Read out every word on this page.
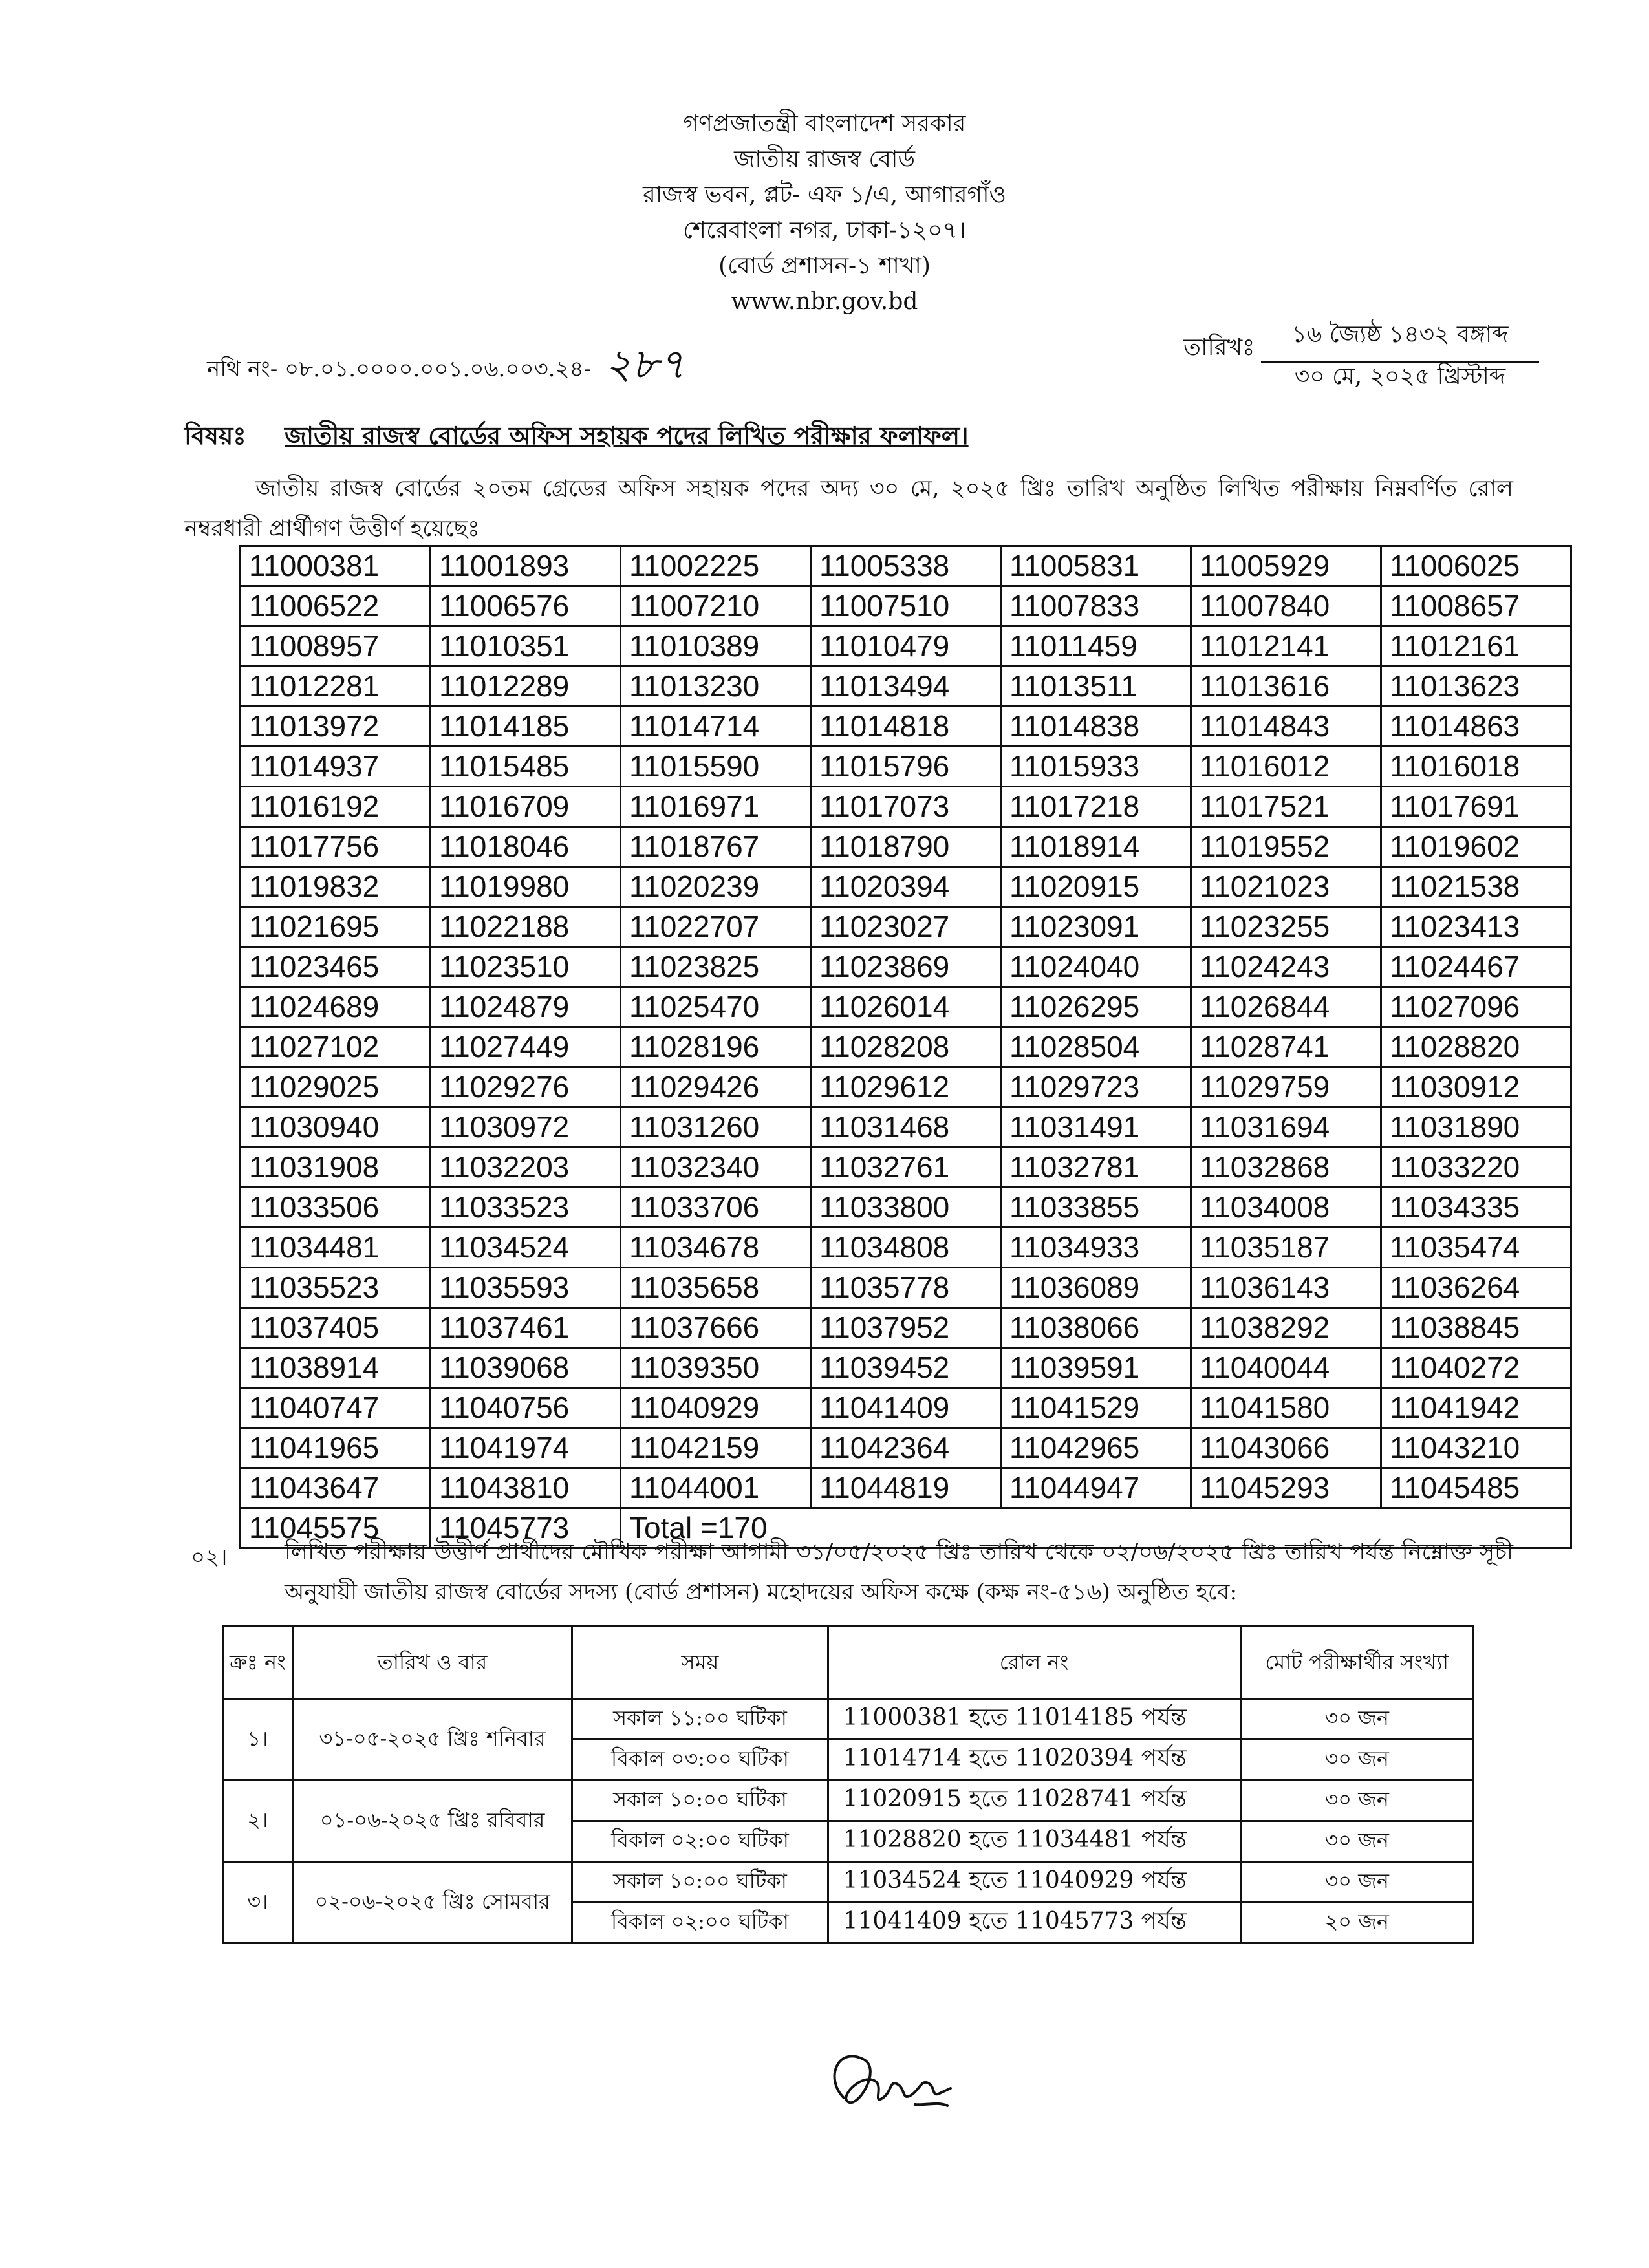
গণপ্রজাতন্ত্রী বাংলাদেশ সরকার
জাতীয় রাজস্ব বোর্ড
রাজস্ব ভবন, প্লট- এফ ১/এ, আগারগাঁও
শেরেবাংলা নগর, ঢাকা-১২০৭।
(বোর্ড প্রশাসন-১ শাখা)
www.nbr.gov.bd
নথি নং- ০৮.০১.০০০০.০০১.০৬.০০৩.২৪- ২৮৭	তারিখঃ	১৬ জ্যৈষ্ঠ ১৪৩২ বঙ্গাব্দ
৩০ মে, ২০২৫ খ্রিস্টাব্দ
বিষয়ঃ জাতীয় রাজস্ব বোর্ডের অফিস সহায়ক পদের লিখিত পরীক্ষার ফলাফল।
জাতীয় রাজস্ব বোর্ডের ২০তম গ্রেডের অফিস সহায়ক পদের অদ্য ৩০ মে, ২০২৫ খ্রিঃ তারিখ অনুষ্ঠিত লিখিত পরীক্ষায় নিম্নবর্ণিত রোল নম্বরধারী প্রার্থীগণ উত্তীর্ণ হয়েছেঃ
11000381	11001893	11002225	11005338	11005831	11005929	11006025
11006522	11006576	11007210	11007510	11007833	11007840	11008657
11008957	11010351	11010389	11010479	11011459	11012141	11012161
11012281	11012289	11013230	11013494	11013511	11013616	11013623
11013972	11014185	11014714	11014818	11014838	11014843	11014863
11014937	11015485	11015590	11015796	11015933	11016012	11016018
11016192	11016709	11016971	11017073	11017218	11017521	11017691
11017756	11018046	11018767	11018790	11018914	11019552	11019602
11019832	11019980	11020239	11020394	11020915	11021023	11021538
11021695	11022188	11022707	11023027	11023091	11023255	11023413
11023465	11023510	11023825	11023869	11024040	11024243	11024467
11024689	11024879	11025470	11026014	11026295	11026844	11027096
11027102	11027449	11028196	11028208	11028504	11028741	11028820
11029025	11029276	11029426	11029612	11029723	11029759	11030912
11030940	11030972	11031260	11031468	11031491	11031694	11031890
11031908	11032203	11032340	11032761	11032781	11032868	11033220
11033506	11033523	11033706	11033800	11033855	11034008	11034335
11034481	11034524	11034678	11034808	11034933	11035187	11035474
11035523	11035593	11035658	11035778	11036089	11036143	11036264
11037405	11037461	11037666	11037952	11038066	11038292	11038845
11038914	11039068	11039350	11039452	11039591	11040044	11040272
11040747	11040756	11040929	11041409	11041529	11041580	11041942
11041965	11041974	11042159	11042364	11042965	11043066	11043210
11043647	11043810	11044001	11044819	11044947	11045293	11045485
11045575	11045773	Total =170				
০২।	লিখিত পরীক্ষায় উত্তীর্ণ প্রার্থীদের মৌখিক পরীক্ষা আগামী ৩১/০৫/২০২৫ খ্রিঃ তারিখ থেকে ০২/০৬/২০২৫ খ্রিঃ তারিখ পর্যন্ত নিম্নোক্ত সূচী অনুযায়ী জাতীয় রাজস্ব বোর্ডের সদস্য (বোর্ড প্রশাসন) মহোদয়ের অফিস কক্ষে (কক্ষ নং-৫১৬) অনুষ্ঠিত হবে:
ক্রঃ নং	তারিখ ও বার	সময়	রোল নং	মোট পরীক্ষার্থীর সংখ্যা
১।	৩১-০৫-২০২৫ খ্রিঃ শনিবার	সকাল ১১:০০ ঘটিকা	11000381 হতে 11014185 পর্যন্ত	৩০ জন
		বিকাল ০৩:০০ ঘটিকা	11014714 হতে 11020394 পর্যন্ত	৩০ জন
২।	০১-০৬-২০২৫ খ্রিঃ রবিবার	সকাল ১০:০০ ঘটিকা	11020915 হতে 11028741 পর্যন্ত	৩০ জন
		বিকাল ০২:০০ ঘটিকা	11028820 হতে 11034481 পর্যন্ত	৩০ জন
৩।	০২-০৬-২০২৫ খ্রিঃ সোমবার	সকাল ১০:০০ ঘটিকা	11034524 হতে 11040929 পর্যন্ত	৩০ জন
		বিকাল ০২:০০ ঘটিকা	11041409 হতে 11045773 পর্যন্ত	২০ জন
